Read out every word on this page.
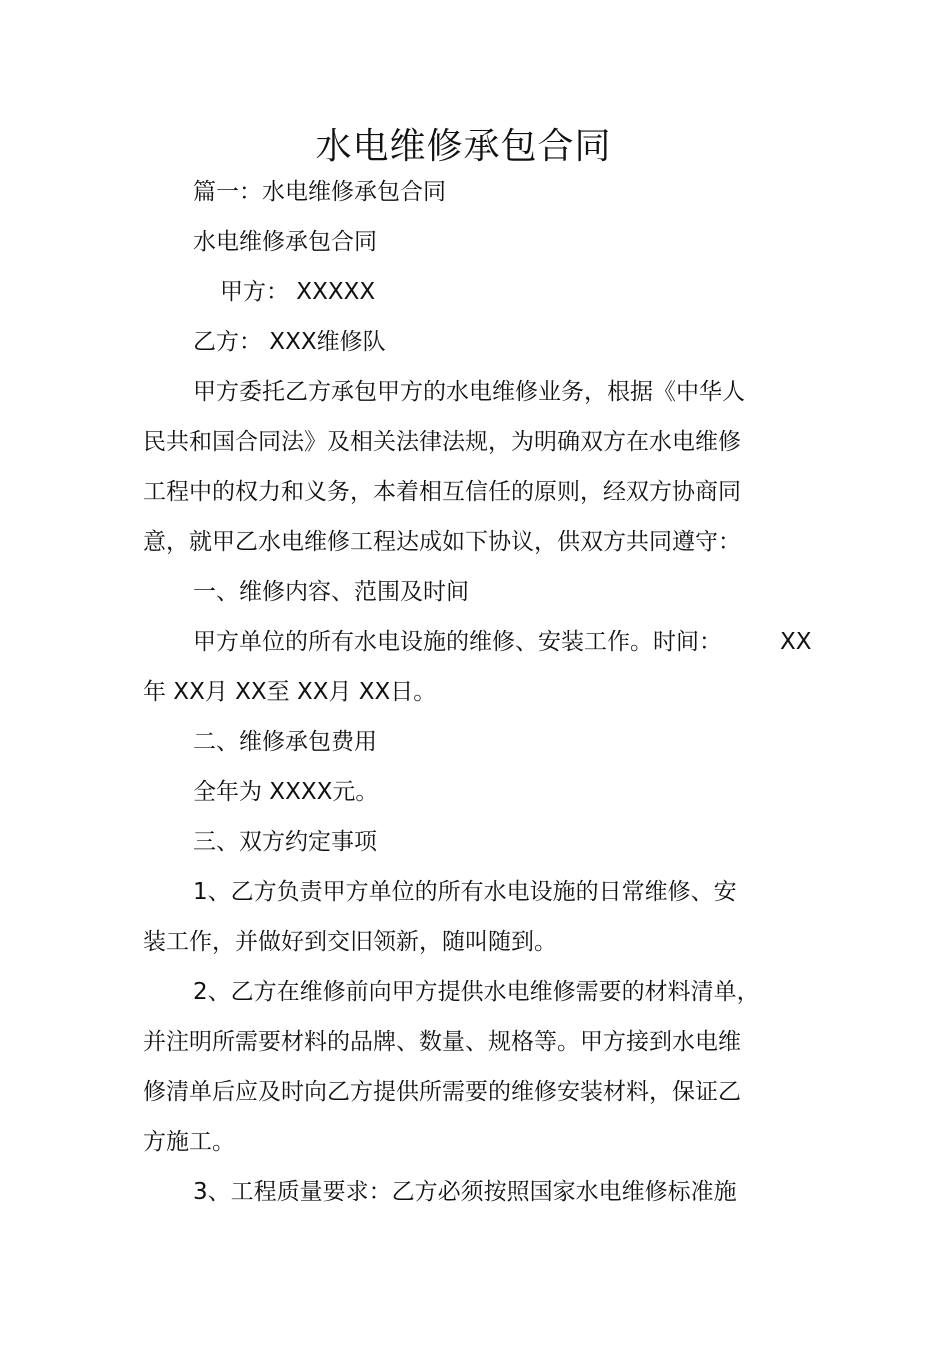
水电维修承包合同
篇一：水电维修承包合同
水电维修承包合同
甲方： XXXXX
乙方： XXX维修队
甲方委托乙方承包甲方的水电维修业务，根据《中华人
民共和国合同法》及相关法律法规，为明确双方在水电维修
工程中的权力和义务，本着相互信任的原则，经双方协商同
意，就甲乙水电维修工程达成如下协议，供双方共同遵守：
一、维修内容、范围及时间
甲方单位的所有水电设施的维修、安装工作。时间：	XX
年 XX月 XX至 XX月 XX日。
二、维修承包费用
全年为 XXXX元。
三、双方约定事项
1、乙方负责甲方单位的所有水电设施的日常维修、安
装工作，并做好到交旧领新，随叫随到。
2、乙方在维修前向甲方提供水电维修需要的材料清单，
并注明所需要材料的品牌、数量、规格等。甲方接到水电维
修清单后应及时向乙方提供所需要的维修安装材料，保证乙
方施工。
3、工程质量要求：乙方必须按照国家水电维修标准施
